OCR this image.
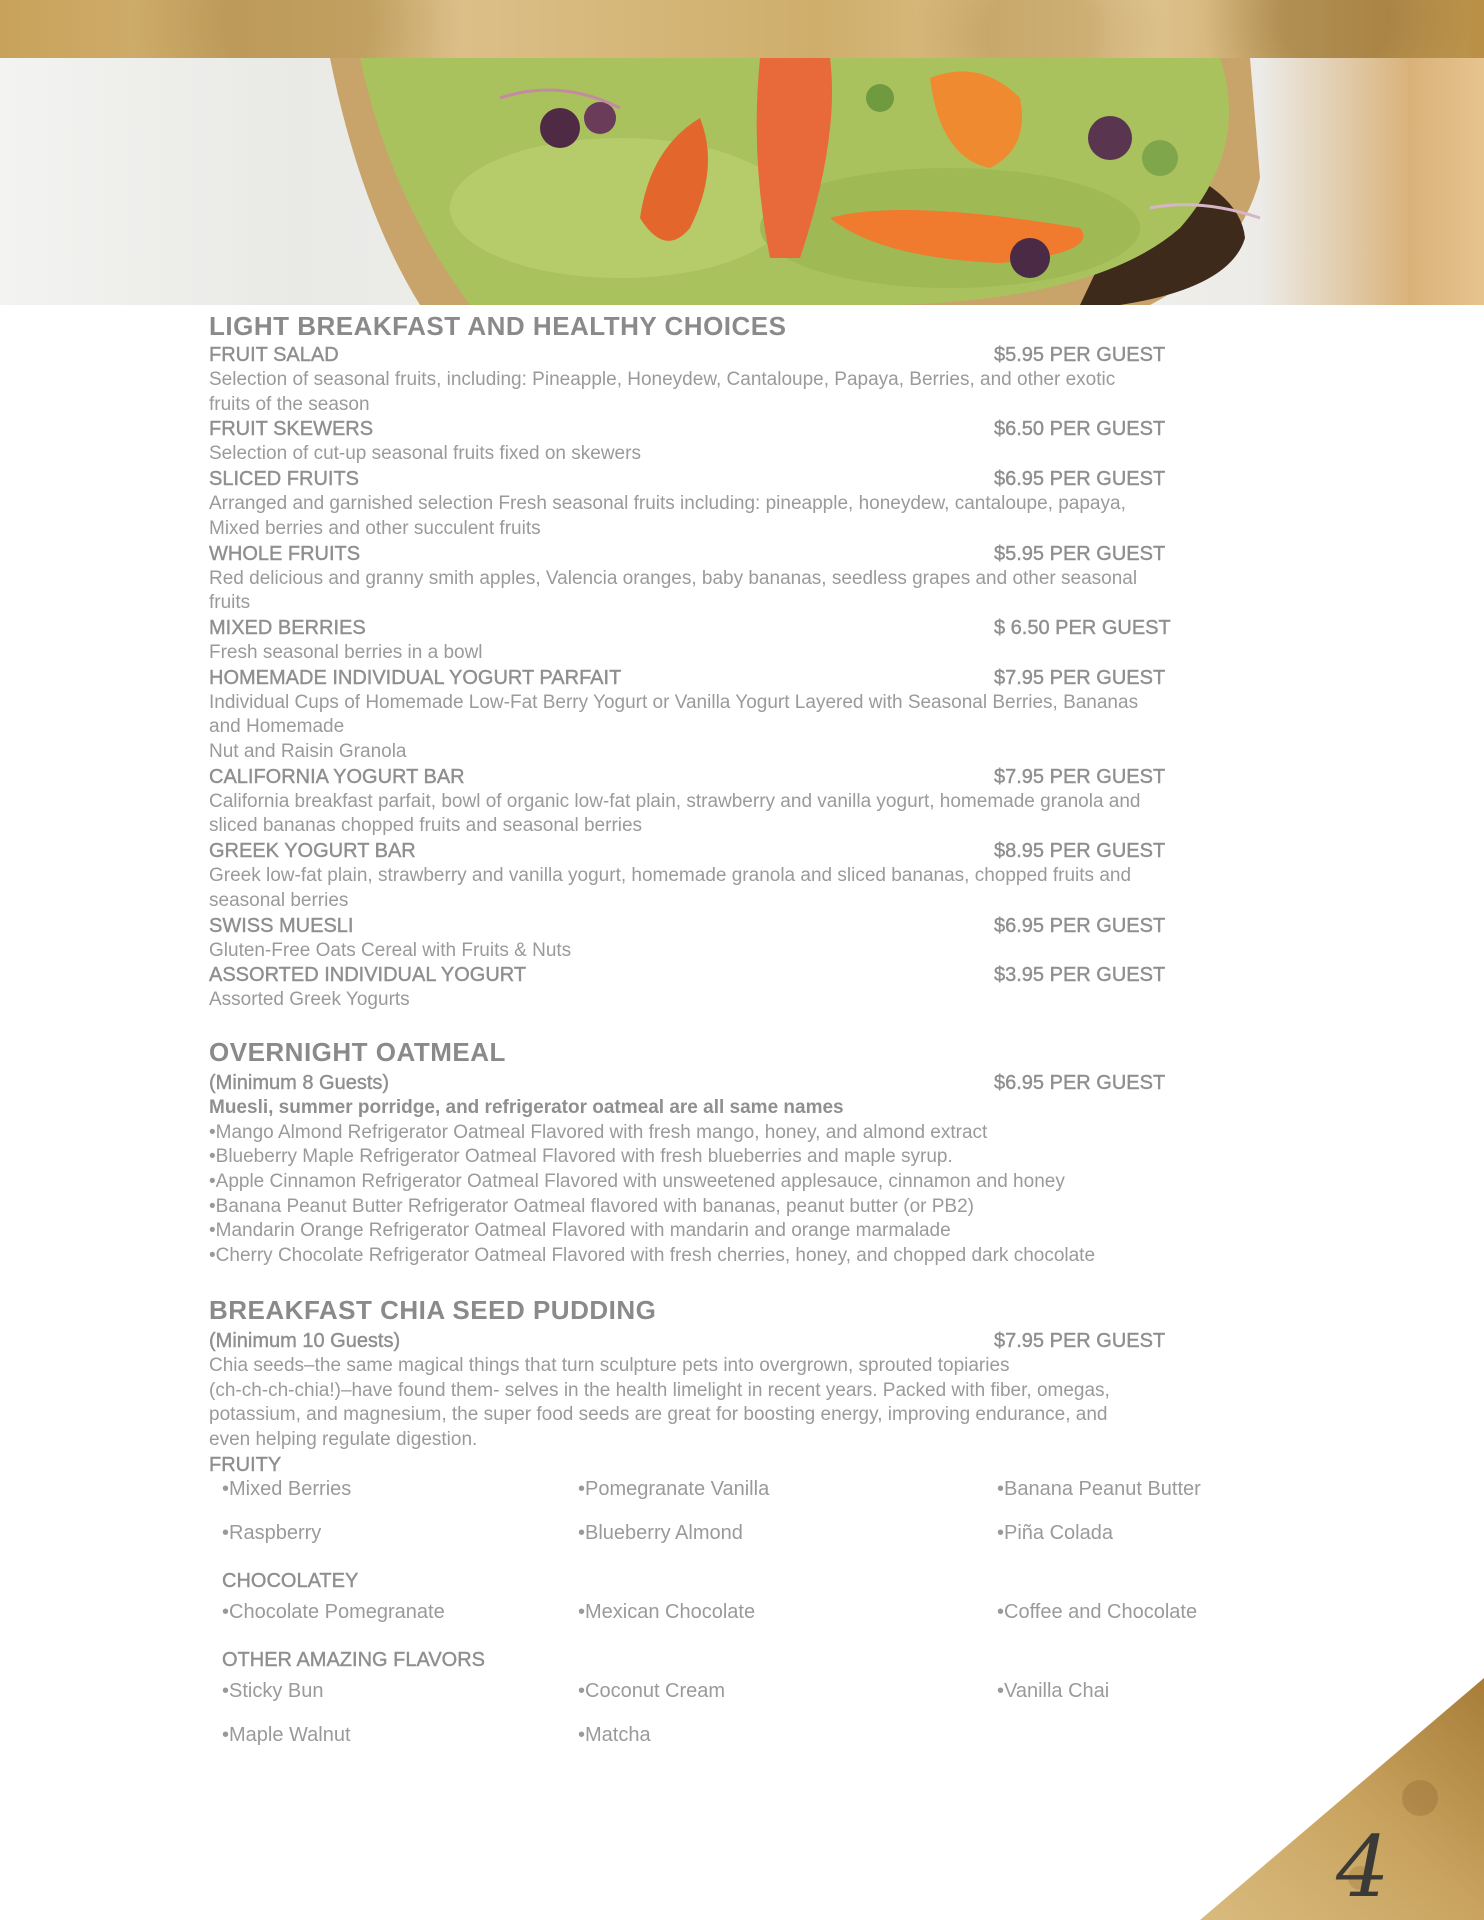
LIGHT BREAKFAST AND HEALTHY CHOICES
FRUIT SALAD	$5.95 PER GUEST
Selection of seasonal fruits, including: Pineapple, Honeydew, Cantaloupe, Papaya, Berries, and other exotic
fruits of the season
FRUIT SKEWERS	$6.50 PER GUEST
Selection of cut-up seasonal fruits fixed on skewers
SLICED FRUITS	$6.95 PER GUEST
Arranged and garnished selection Fresh seasonal fruits including: pineapple, honeydew, cantaloupe, papaya,
Mixed berries and other succulent fruits
WHOLE FRUITS	$5.95 PER GUEST
Red delicious and granny smith apples, Valencia oranges, baby bananas, seedless grapes and other seasonal
fruits
MIXED BERRIES	$ 6.50 PER GUEST
Fresh seasonal berries in a bowl
HOMEMADE INDIVIDUAL YOGURT PARFAIT	$7.95 PER GUEST
Individual Cups of Homemade Low-Fat Berry Yogurt or Vanilla Yogurt Layered with Seasonal Berries, Bananas
and Homemade
Nut and Raisin Granola
CALIFORNIA YOGURT BAR	$7.95 PER GUEST
California breakfast parfait, bowl of organic low-fat plain, strawberry and vanilla yogurt, homemade granola and
sliced bananas chopped fruits and seasonal berries
GREEK YOGURT BAR	$8.95 PER GUEST
Greek low-fat plain, strawberry and vanilla yogurt, homemade granola and sliced bananas, chopped fruits and
seasonal berries
SWISS MUESLI	$6.95 PER GUEST
Gluten-Free Oats Cereal with Fruits & Nuts
ASSORTED INDIVIDUAL YOGURT	$3.95 PER GUEST
Assorted Greek Yogurts
OVERNIGHT OATMEAL
(Minimum 8 Guests)	$6.95 PER GUEST
Muesli, summer porridge, and refrigerator oatmeal are all same names
•Mango Almond Refrigerator Oatmeal Flavored with fresh mango, honey, and almond extract
•Blueberry Maple Refrigerator Oatmeal Flavored with fresh blueberries and maple syrup.
•Apple Cinnamon Refrigerator Oatmeal Flavored with unsweetened applesauce, cinnamon and honey
•Banana Peanut Butter Refrigerator Oatmeal flavored with bananas, peanut butter (or PB2)
•Mandarin Orange Refrigerator Oatmeal Flavored with mandarin and orange marmalade
•Cherry Chocolate Refrigerator Oatmeal Flavored with fresh cherries, honey, and chopped dark chocolate
BREAKFAST CHIA SEED PUDDING
(Minimum 10 Guests)	$7.95 PER GUEST
Chia seeds–the same magical things that turn sculpture pets into overgrown, sprouted topiaries
(ch-ch-ch-chia!)–have found them- selves in the health limelight in recent years. Packed with fiber, omegas,
potassium, and magnesium, the super food seeds are great for boosting energy, improving endurance, and
even helping regulate digestion.
FRUITY
•Mixed Berries	•Pomegranate Vanilla	•Banana Peanut Butter
•Raspberry	•Blueberry Almond	•Piña Colada
CHOCOLATEY
•Chocolate Pomegranate	•Mexican Chocolate	•Coffee and Chocolate
OTHER AMAZING FLAVORS
•Sticky Bun	•Coconut Cream	•Vanilla Chai
•Maple Walnut	•Matcha
4
